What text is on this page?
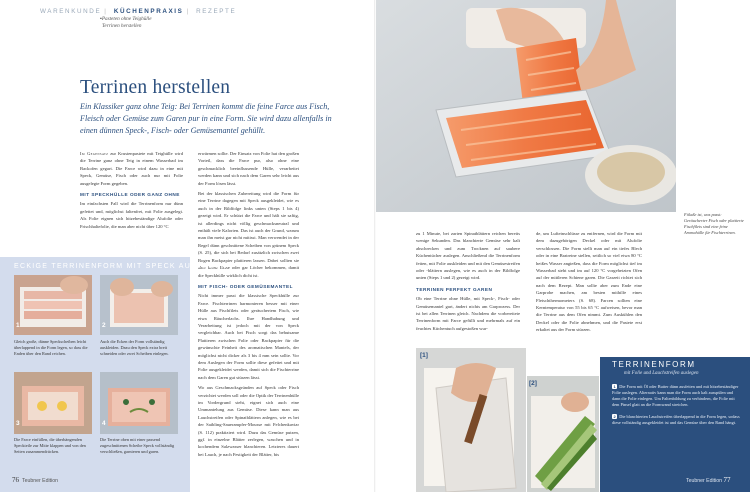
WARENKUNDE | KÜCHENPRAXIS | REZEPTE
▪Pasteten ohne Teighülle
Terrinen herstellen
Terrinen herstellen
Ein Klassiker ganz ohne Teig: Bei Terrinen kommt die feine Farce aus Fisch, Fleisch oder Gemüse zum Garen pur in eine Form. Sie wird dazu allenfalls in einen dünnen Speck-, Fisch- oder Gemüsemantel gehüllt.

Im Gegensatz zur Krustenpastete mit Teighülle wird die Terrine ganz ohne Teig in einem Wasserbad im Backofen gegart. Die Farce wird dazu in eine mit Speck, Gemüse, Fisch oder auch nur mit Folie ausgelegte Form gegeben.

MIT SPECKHÜLLE ODER GANZ OHNE

Im einfachsten Fall wird die Terrinenform nur dünn gefettet und, möglichst faltenfrei, mit Folie ausgelegt. Als Folie eignen sich hitzebeständige Alufolie oder Frischhaltefolie, die man aber nicht über 120 °C

erwärmen sollte. Der Einsatz von Folie hat den großen Vorteil, dass die Farce pur, also ohne eine geschmacklich beeinflussende Hülle, verarbeitet werden kann und sich nach dem Garen sehr leicht aus der Form lösen lässt.

Bei der klassischen Zubereitung wird die Form für eine Terrine dagegen mit Speck ausgekleidet, wie es auch in der Bildfolge links unten (Steps 1 bis 4) gezeigt wird. Er schützt die Farce und hält sie saftig, ist allerdings nicht völlig geschmacksneutral und enthält viele Kalorien. Das ist auch der Grund, warum man ihn meist gar nicht mitisst. Man verwendet in der Regel dünn geschnittene Scheiben von grünem Speck (S. 25), die sich bei Bedarf zusätzlich zwischen zwei Bogen Backpapier plattieren lassen. Dabei sollten sie aber keine Risse oder gar Löcher bekommen, damit die Speckhülle wirklich dicht ist.

MIT FISCH- ODER GEMÜSEMANTEL

Nicht immer passt die klassische Speckhülle zur Farce. Fischterrinen harmonieren besser mit einer Hülle aus Fischfilets oder geräuchertem Fisch, wie etwa Räucherlachs. Ihre Handhabung und Verarbeitung ist jedoch mit der von Speck vergleichbar. Auch bei Fisch sorgt das behutsame Plattieren zwischen Folie oder Backpapier für die gewünschte Feinheit des aromatischen Mantels, der möglichst nicht dicker als 3 bis 4 mm sein sollte. Vor dem Auslegen der Form sollte diese gefettet und mit Folie ausgekleidet werden, damit sich die Fischterrine nach dem Garen gut stürzen lässt.

Wo aus Geschmacksgründen auf Speck oder Fisch verzichtet werden soll oder die Optik der Terrinenhülle im Vordergrund steht, eignet sich auch eine Ummantelung aus Gemüse. Diese kann man aus Lauchstreifen oder Spinatblättern anlegen, wie es bei der Saibling-Sauerampfer-Mousse mit Felchenkaviar (S. 112) praktiziert wird. Dazu das Gemüse putzen, ggf. in einzelne Blätter zerlegen, waschen und in kochendem Salzwasser blanchieren. Letzteres dauert bei Lauch, je nach Festigkeit der Blätter, bis

ECKIGE TERRINENFORM MIT SPECK AUSLEGEN
1	2
Gleich große, dünne Speckscheiben leicht überlappend in die Form legen, so dass die Enden über den Rand reichen.
Auch die Ecken der Form vollständig auskleiden. Dazu den Speck extra breit schneiden oder zwei Scheiben einlegen.
3	4
Die Farce einfüllen, die überhängenden Speckteile zur Mitte klappen und von den Seiten zusammendrücken.
Die Terrine oben mit einer passend zugeschnittenen Scheibe Speck vollständig verschließen, garnieren und garen.
76 Teubner Edition
Fiilaße ist, was passt: Geräucherter Fisch oder plattierte Fischfilets sind eine feine Aromahülle für Fischterrinen.

zu 1 Minute, bei zarten Spinatblättern reichen bereits wenige Sekunden. Das blanchierte Gemüse sehr kalt abschrecken und zum Trocknen auf saubere Küchentücher auslegen. Anschließend die Terrinenform fetten, mit Folie auskleiden und mit den Gemüsestreifen oder -blättern auslegen, wie es auch in der Bildfolge unten (Steps 1 und 2) gezeigt wird.

TERRINEN PERFEKT GAREN

Ob eine Terrine ohne Hülle, mit Speck-, Fisch- oder Gemüsemantel gart, ändert nichts am Garprozess. Der ist bei allen Terrinen gleich. Nachdem die vorbereitete Terrinenform mit Farce gefüllt und mehrmals auf ein feuchtes Küchentuch aufgestoßen wur-

de, um Lufteinschlüsse zu entfernen, wird die Form mit dem dazugehörigen Deckel oder mit Alufolie verschlossen. Die Form stellt man auf ein tiefes Blech oder in eine Bratreine stellen, seitlich so viel etwa 80 °C heißes Wasser angießen, dass die Form möglichst tief im Wasserbad steht und im auf 120 °C vorgeheizten Ofen auf der mittleren Schiene garen. Die Garzeit richtet sich nach dem Rezept. Man sollte aber zum Ende eine Garprobe machen, am besten mithilfe eines Fleischthermometers (S. 68). Farcen sollten eine Kerntemperatur von 55 bis 65 °C aufweisen, bevor man die Terrine aus dem Ofen nimmt. Zum Auskühlen den Deckel oder die Folie abnehmen, und die Pastete erst erkaltet aus der Form stürzen.

[1]
[2]
TERRINENFORM
mit Folie und Lauchstreifen auslegen
1 Die Form mit Öl oder Butter dünn ausfetten und mit hitzebeständiger Folie auslegen. Alternativ kann man die Form auch kalt ausspülen und dann die Folie einlegen. Um Faltenbildung zu verhindern, die Folie mit dem Pinsel glatt an die Formwand streichen.
2 Die blanchierten Lauchstreifen überlappend in die Form legen, sodass diese vollständig ausgekleidet ist und das Gemüse über den Rand hängt.
Teubner Edition 77
